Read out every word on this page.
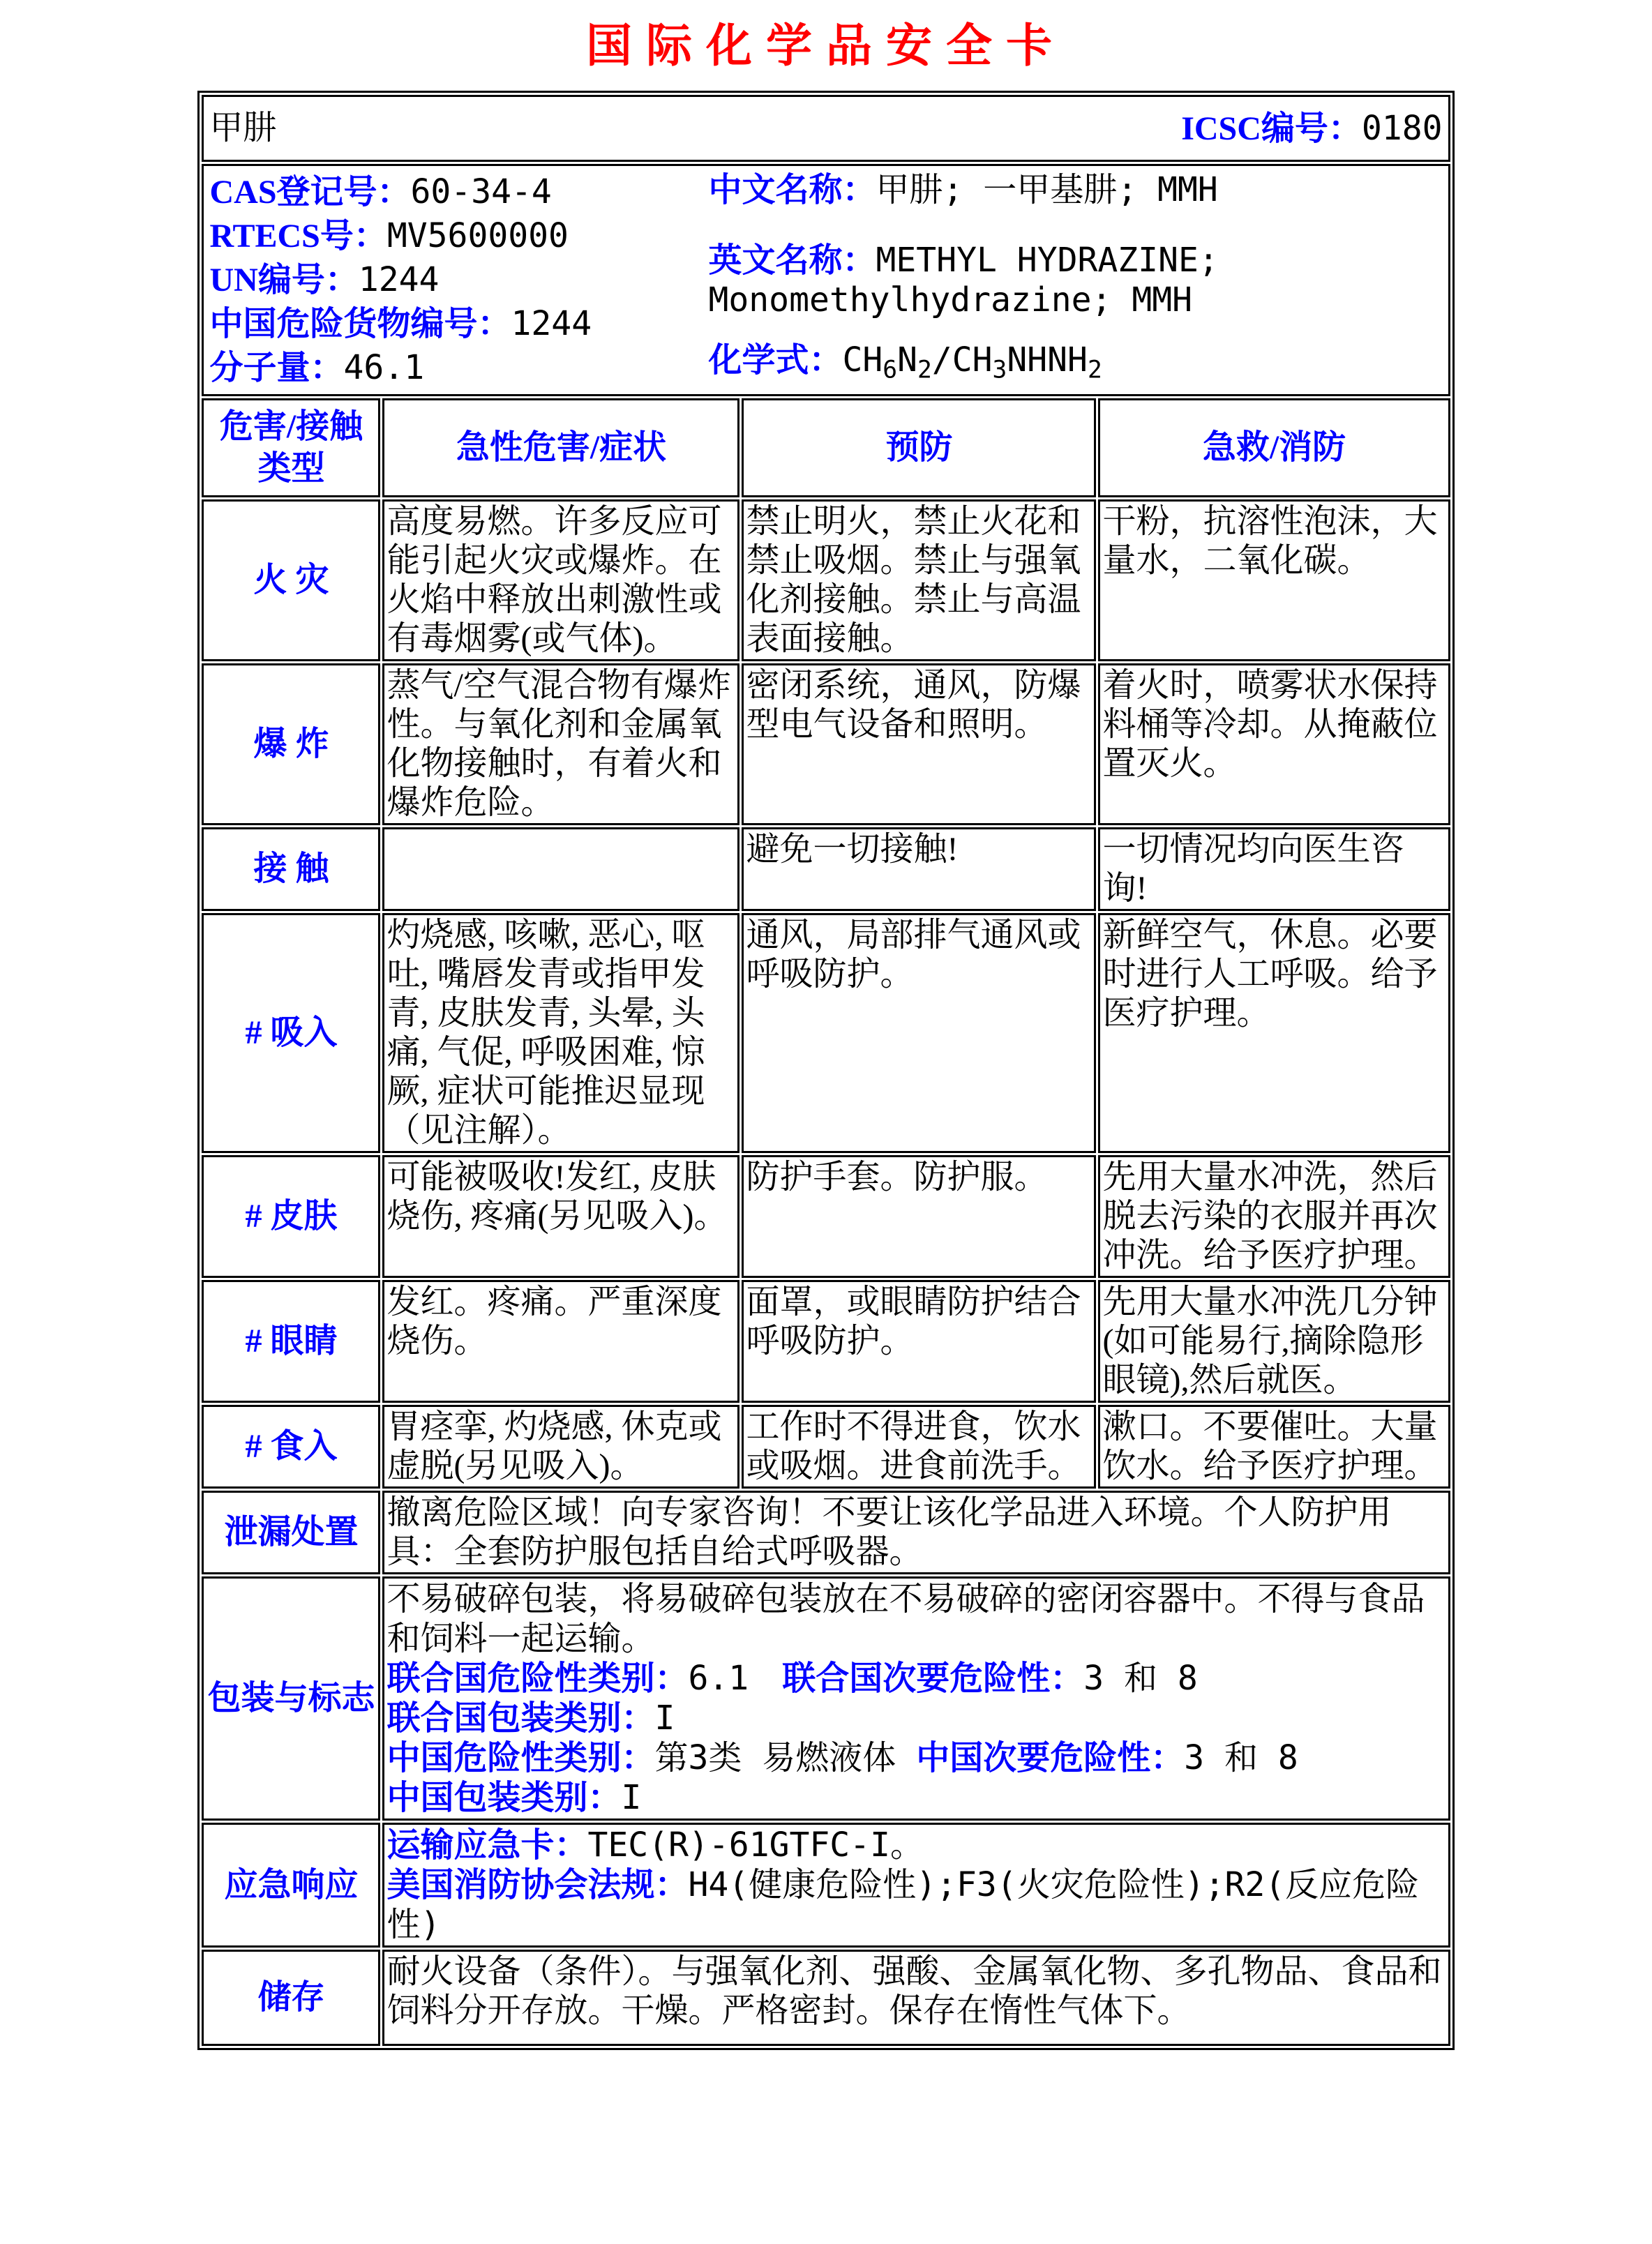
国际化学品安全卡
甲肼 ICSC编号：0180			

CAS登记号：60-34-4
RTECS号：MV5600000
UN编号：1244
中国危险货物编号：1244
分子量：46.1
中文名称：甲肼; 一甲基肼; MMH
英文名称：METHYL HYDRAZINE;
Monomethylhydrazine; MMH
化学式：$CH_6N_2/CH_3NHNH_2$

危害/接触
类型	急性危害/症状	预防	急救/消防
火 灾	高度易燃。许多反应可能引起火灾或爆炸。在火焰中释放出刺激性或有毒烟雾(或气体)。	禁止明火，禁止火花和禁止吸烟。禁止与强氧化剂接触。禁止与高温表面接触。	干粉，抗溶性泡沫，大量水，二氧化碳。
爆 炸	蒸气/空气混合物有爆炸性。与氧化剂和金属氧化物接触时，有着火和爆炸危险。	密闭系统，通风，防爆型电气设备和照明。	着火时，喷雾状水保持料桶等冷却。从掩蔽位置灭火。
接 触		避免一切接触!	一切情况均向医生咨询!
# 吸入	灼烧感, 咳嗽, 恶心, 呕吐, 嘴唇发青或指甲发青, 皮肤发青, 头晕, 头痛, 气促, 呼吸困难, 惊厥, 症状可能推迟显现（见注解）。	通风，局部排气通风或呼吸防护。	新鲜空气，休息。必要时进行人工呼吸。给予医疗护理。
# 皮肤	可能被吸收!发红, 皮肤烧伤, 疼痛(另见吸入)。	防护手套。防护服。	先用大量水冲洗，然后脱去污染的衣服并再次冲洗。给予医疗护理。
# 眼睛	发红。疼痛。严重深度烧伤。	面罩，或眼睛防护结合呼吸防护。	先用大量水冲洗几分钟(如可能易行,摘除隐形眼镜),然后就医。
# 食入	胃痉挛, 灼烧感, 休克或虚脱(另见吸入)。	工作时不得进食，饮水或吸烟。进食前洗手。	漱口。不要催吐。大量饮水。给予医疗护理。
泄漏处置	撤离危险区域！向专家咨询！不要让该化学品进入环境。个人防护用具：全套防护服包括自给式呼吸器。		
包装与标志	不易破碎包装，将易破碎包装放在不易破碎的密闭容器中。不得与食品和饲料一起运输。
联合国危险性类别：6.1　 联合国次要危险性：3 和 8
联合国包装类别：I
中国危险性类别：第3类 易燃液体 中国次要危险性：3 和 8
中国包装类别：I		

应急响应	运输应急卡：TEC(R)-61GTFC-I。
美国消防协会法规：H4(健康危险性);F3(火灾危险性);R2(反应危险性)		

储存	耐火设备（条件）。与强氧化剂、强酸、金属氧化物、多孔物品、食品和饲料分开存放。干燥。严格密封。保存在惰性气体下。		
